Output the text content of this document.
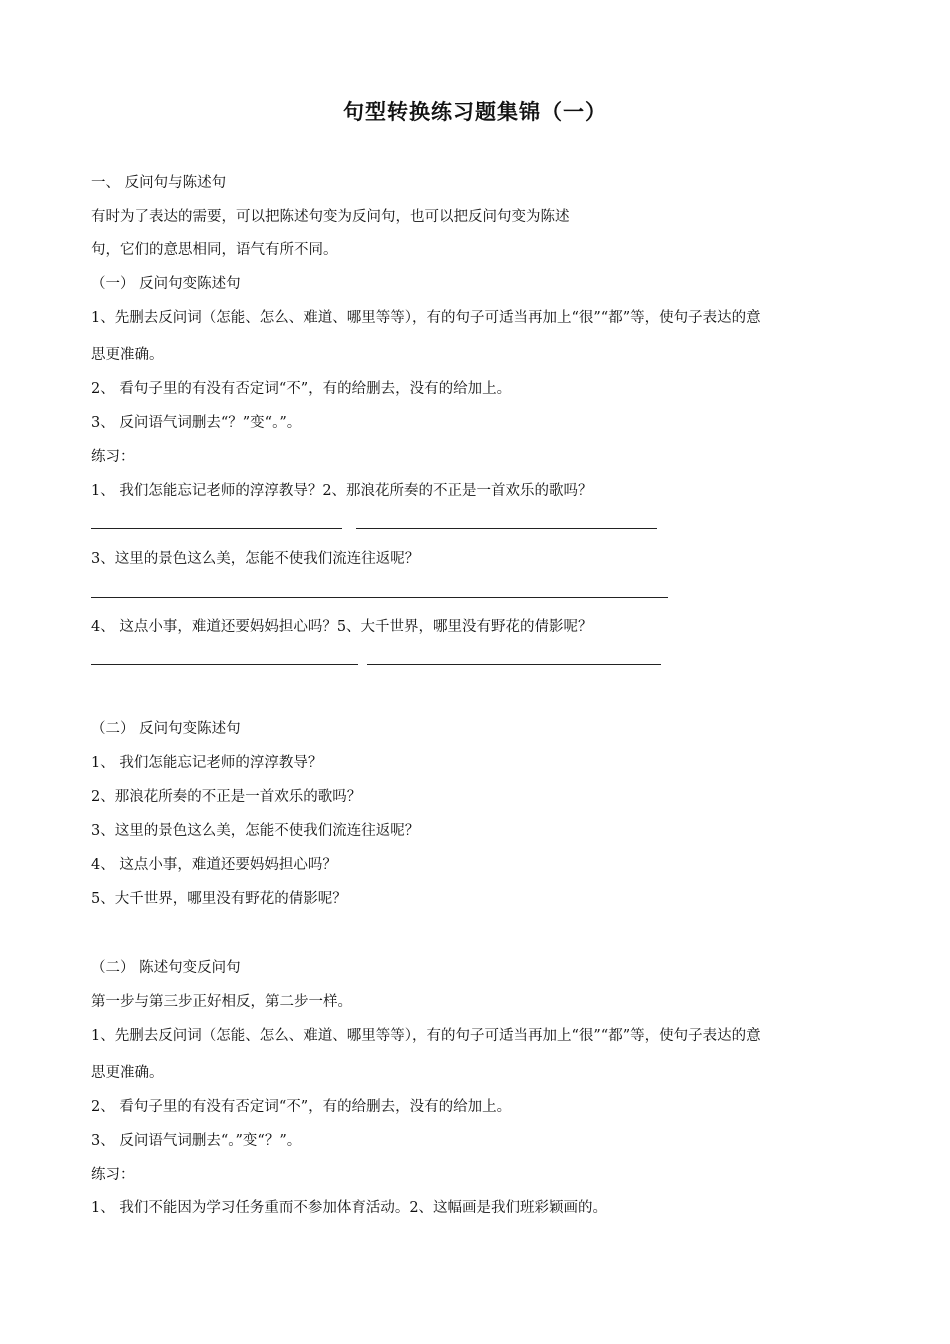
句型转换练习题集锦（一）

一、 反问句与陈述句

有时为了表达的需要，可以把陈述句变为反问句，也可以把反问句变为陈述

句，它们的意思相同，语气有所不同。

（一） 反问句变陈述句

1、先删去反问词（怎能、怎么、难道、哪里等等），有的句子可适当再加上“很”“都”等，使句子表达的意

思更准确。

2、 看句子里的有没有否定词“不”，有的给删去，没有的给加上。

3、 反问语气词删去“？”变“。”。

练习：

1、 我们怎能忘记老师的淳淳教导？2、那浪花所奏的不正是一首欢乐的歌吗？

3、这里的景色这么美，怎能不使我们流连往返呢？

4、 这点小事，难道还要妈妈担心吗？5、大千世界，哪里没有野花的倩影呢？

（二） 反问句变陈述句

1、 我们怎能忘记老师的淳淳教导？

2、那浪花所奏的不正是一首欢乐的歌吗？

3、这里的景色这么美，怎能不使我们流连往返呢？

4、 这点小事，难道还要妈妈担心吗？

5、大千世界，哪里没有野花的倩影呢？

（二） 陈述句变反问句

第一步与第三步正好相反，第二步一样。

1、先删去反问词（怎能、怎么、难道、哪里等等），有的句子可适当再加上“很”“都”等，使句子表达的意

思更准确。

2、 看句子里的有没有否定词“不”，有的给删去，没有的给加上。

3、 反问语气词删去“。”变“？”。

练习：

1、 我们不能因为学习任务重而不参加体育活动。2、这幅画是我们班彩颖画的。
